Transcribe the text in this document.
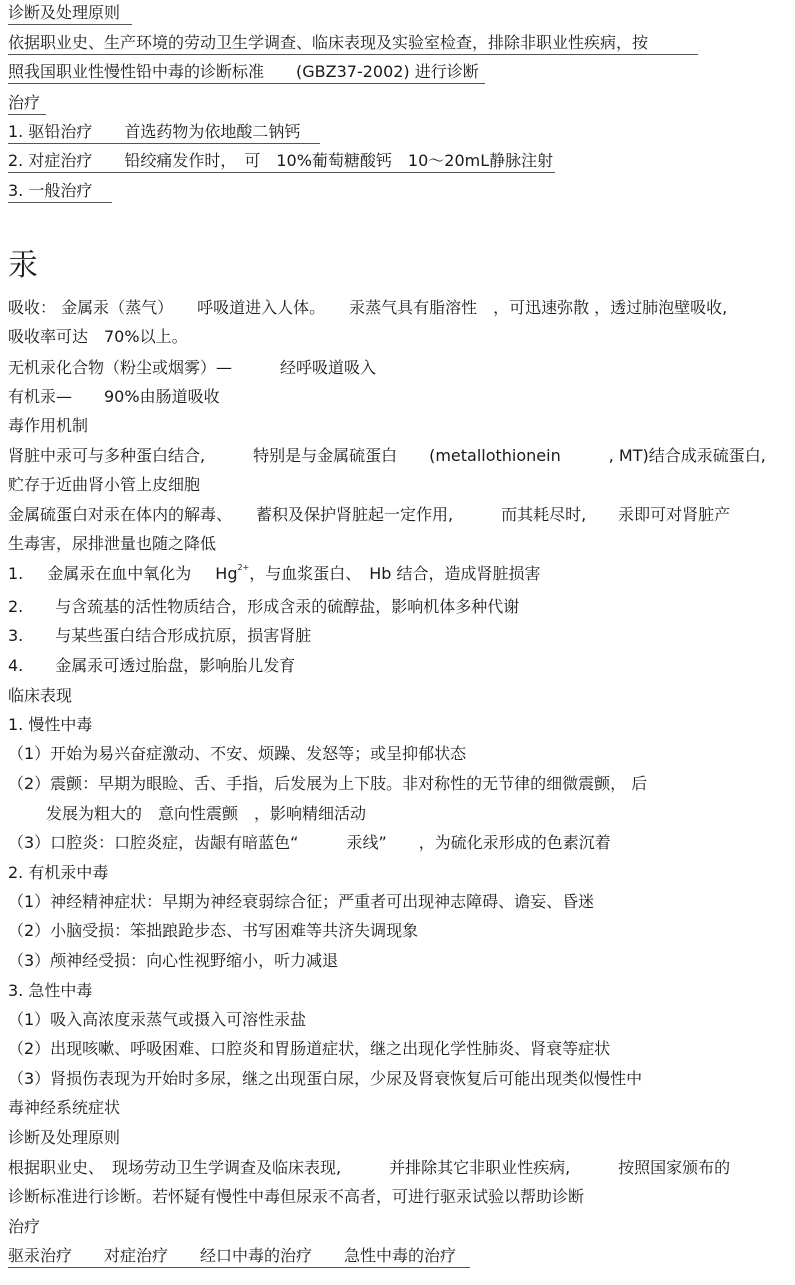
诊断及处理原则
依据职业史、生产环境的劳动卫生学调查、临床表现及实验室检查，排除非职业性疾病，按
照我国职业性慢性铅中毒的诊断标准　　(GBZ37-2002) 进行诊断
治疗
1. 驱铅治疗　　首选药物为依地酸二钠钙
2. 对症治疗　　铅绞痛发作时，　可　10%葡萄糖酸钙　10～20mL静脉注射
3. 一般治疗
汞
吸收： 金属汞（蒸气）　　呼吸道进入人体。　　汞蒸气具有脂溶性　，可迅速弥散 ，透过肺泡壁吸收,
吸收率可达　70%以上。
无机汞化合物（粉尘或烟雾）—　　　经呼吸道吸入
有机汞—　　90%由肠道吸收
毒作用机制
肾脏中汞可与多种蛋白结合,　　　特别是与金属硫蛋白　　(metallothionein　　　, MT)结合成汞硫蛋白,
贮存于近曲肾小管上皮细胞
金属硫蛋白对汞在体内的解毒、　　蓄积及保护肾脏起一定作用,　　　而其耗尽时,　　汞即可对肾脏产
生毒害，尿排泄量也随之降低
1. 金属汞在血中氧化为 $Hg^{2+}$，与血浆蛋白、　Hb 结合，造成肾脏损害
2.　　与含巯基的活性物质结合，形成含汞的硫醇盐，影响机体多种代谢
3.　　与某些蛋白结合形成抗原，损害肾脏
4.　　金属汞可透过胎盘，影响胎儿发育
临床表现
1. 慢性中毒
（1）开始为易兴奋症激动、不安、烦躁、发怒等；或呈抑郁状态
（2）震颤：早期为眼睑、舌、手指，后发展为上下肢。非对称性的无节律的细微震颤， 后
发展为粗大的　意向性震颤　，影响精细活动
（3）口腔炎：口腔炎症，齿龈有暗蓝色“　　　汞线”　　，为硫化汞形成的色素沉着
2. 有机汞中毒
（1）神经精神症状：早期为神经衰弱综合征；严重者可出现神志障碍、谵妄、昏迷
（2）小脑受损：笨拙踉跄步态、书写困难等共济失调现象
（3）颅神经受损：向心性视野缩小，听力减退
3. 急性中毒
（1）吸入高浓度汞蒸气或摄入可溶性汞盐
（2）出现咳嗽、呼吸困难、口腔炎和胃肠道症状，继之出现化学性肺炎、肾衰等症状
（3）肾损伤表现为开始时多尿，继之出现蛋白尿，少尿及肾衰恢复后可能出现类似慢性中
毒神经系统症状
诊断及处理原则
根据职业史、　现场劳动卫生学调查及临床表现,　　　并排除其它非职业性疾病,　　　按照国家颁布的
诊断标准进行诊断。若怀疑有慢性中毒但尿汞不高者，可进行驱汞试验以帮助诊断
治疗
驱汞治疗　　对症治疗　　经口中毒的治疗　　急性中毒的治疗
